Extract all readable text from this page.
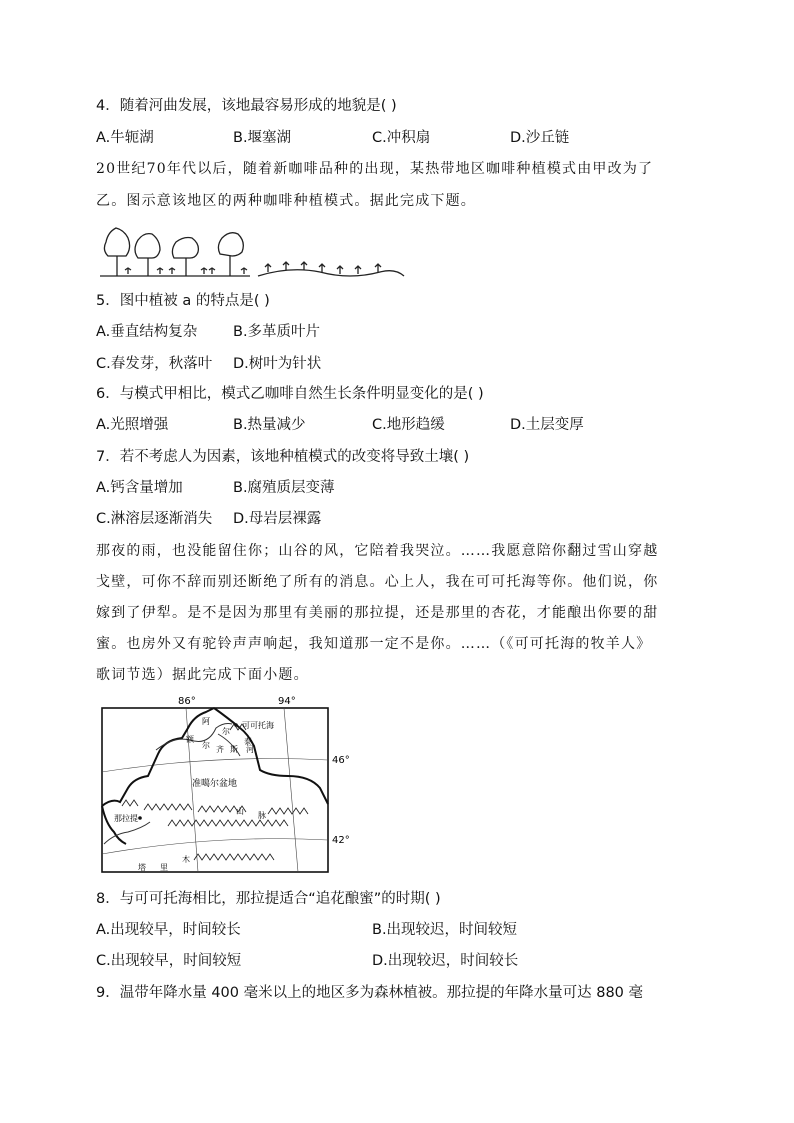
4．随着河曲发展，该地最容易形成的地貌是( )
A.牛轭湖	B.堰塞湖	C.冲积扇	D.沙丘链
20世纪70年代以后，随着新咖啡品种的出现，某热带地区咖啡种植模式由甲改为了
乙。图示意该地区的两种咖啡种植模式。据此完成下题。
5．图中植被 a 的特点是( )
A.垂直结构复杂 B.多革质叶片
C.春发芽，秋落叶 D.树叶为针状
6．与模式甲相比，模式乙咖啡自然生长条件明显变化的是( )
A.光照增强	B.热量减少	C.地形趋缓	D.土层变厚
7．若不考虑人为因素，该地种植模式的改变将导致土壤( )
A.钙含量增加	B.腐殖质层变薄
C.淋溶层逐渐消失 D.母岩层裸露
那夜的雨，也没能留住你；山谷的风，它陪着我哭泣。……我愿意陪你翻过雪山穿越
戈壁，可你不辞而别还断绝了所有的消息。心上人，我在可可托海等你。他们说，你
嫁到了伊犁。是不是因为那里有美丽的那拉提，还是那里的杏花，才能酿出你要的甜
蜜。也房外又有驼铃声声响起，我知道那一定不是你。……（《可可托海的牧羊人》
歌词节选）据此完成下面小题。
86°	94°
46°
42°
可可托海
阿
尔
泰
额
尔 齐 斯 河
准噶尔盆地
山 脉
那拉提
塔 里
木
8．与可可托海相比，那拉提适合“追花酿蜜”的时期( )
A.出现较早，时间较长	B.出现较迟，时间较短
C.出现较早，时间较短	D.出现较迟，时间较长
9．温带年降水量 400 毫米以上的地区多为森林植被。那拉提的年降水量可达 880 毫
